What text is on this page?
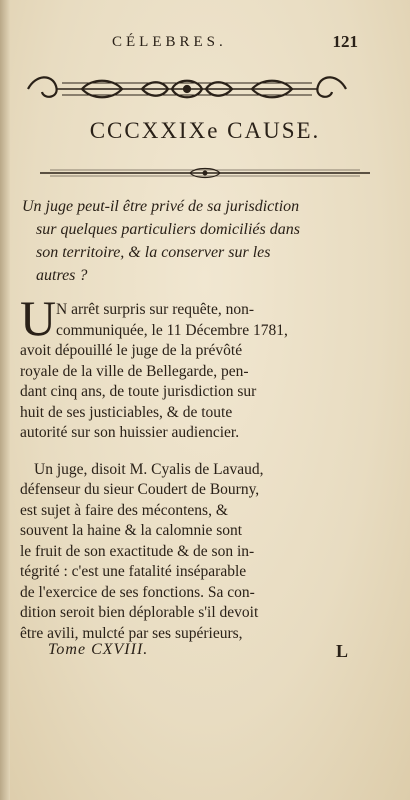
CÉLEBRES.	121
CCCXXIXe CAUSE.
Un juge peut-il être privé de sa jurisdiction
sur quelques particuliers domiciliés dans
son territoire, & la conserver sur les
autres ?
U N arrêt surpris sur requête, non-
communiquée, le 11 Décembre 1781,
avoit dépouillé le juge de la prévôté
royale de la ville de Bellegarde, pen-
dant cinq ans, de toute jurisdiction sur
huit de ses justiciables, & de toute
autorité sur son huissier audiencier.
Un juge, disoit M. Cyalis de Lavaud,
défenseur du sieur Coudert de Bourny,
est sujet à faire des mécontens, &
souvent la haine & la calomnie sont
le fruit de son exactitude & de son in-
tégrité : c'est une fatalité inséparable
de l'exercice de ses fonctions. Sa con-
dition seroit bien déplorable s'il devoit
être avili, mulcté par ses supérieurs,
Tome CXVIII.	L
